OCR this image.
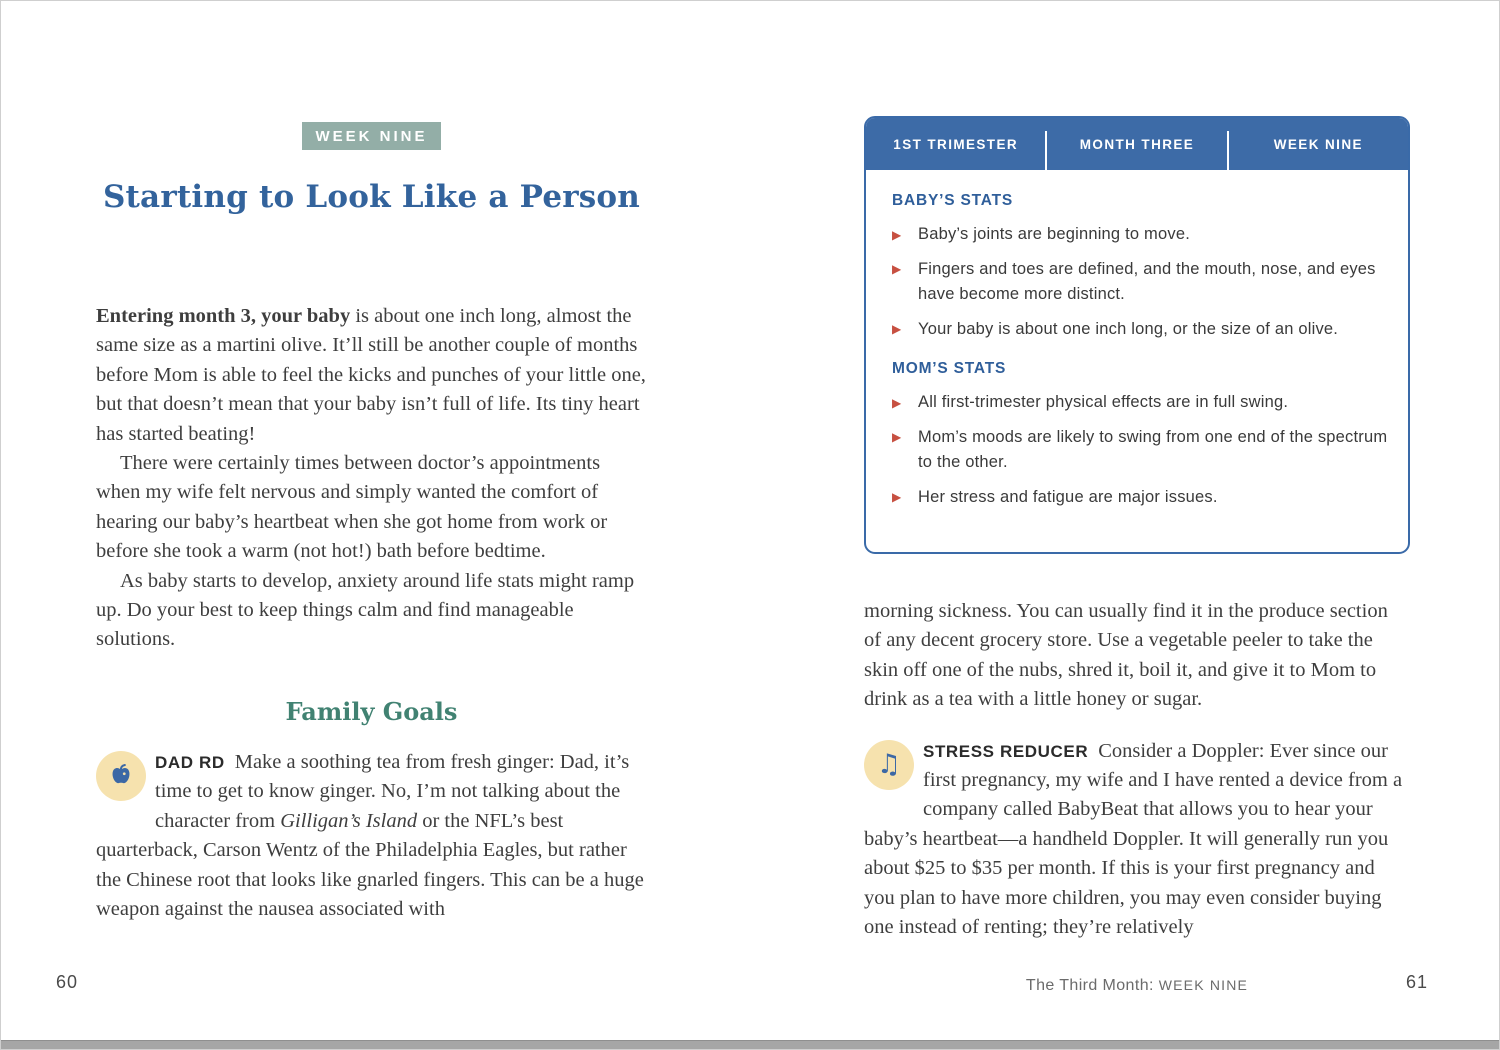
WEEK NINE
Starting to Look Like a Person

Entering month 3, your baby is about one inch long, almost the same size as a martini olive. It’ll still be another couple of months before Mom is able to feel the kicks and punches of your little one, but that doesn’t mean that your baby isn’t full of life. Its tiny heart has started beating!

There were certainly times between doctor’s appointments when my wife felt nervous and simply wanted the comfort of hearing our baby’s heartbeat when she got home from work or before she took a warm (not hot!) bath before bedtime.

As baby starts to develop, anxiety around life stats might ramp up. Do your best to keep things calm and find manageable solutions.

Family Goals

DAD RD Make a soothing tea from fresh ginger: Dad, it’s time to get to know ginger. No, I’m not talking about the character from Gilligan’s Island or the NFL’s best quarterback, Carson Wentz of the Philadelphia Eagles, but rather the Chinese root that looks like gnarled fingers. This can be a huge weapon against the nausea associated with

60
1ST TRIMESTER	MONTH THREE	WEEK NINE
BABY’S STATS
▶ Baby’s joints are beginning to move.
▶ Fingers and toes are defined, and the mouth, nose, and eyes have become more distinct.
▶ Your baby is about one inch long, or the size of an olive.
MOM’S STATS
▶ All first-trimester physical effects are in full swing.
▶ Mom’s moods are likely to swing from one end of the spectrum to the other.
▶ Her stress and fatigue are major issues.

morning sickness. You can usually find it in the produce section of any decent grocery store. Use a vegetable peeler to take the skin off one of the nubs, shred it, boil it, and give it to Mom to drink as a tea with a little honey or sugar.

♫	STRESS REDUCER Consider a Doppler: Ever since our first pregnancy, my wife and I have rented a device from a company called BabyBeat that allows you to hear your baby’s heartbeat—a handheld Doppler. It will generally run you about $25 to $35 per month. If this is your first pregnancy and you plan to have more children, you may even consider buying one instead of renting; they’re relatively

The Third Month: WEEK NINE	61
